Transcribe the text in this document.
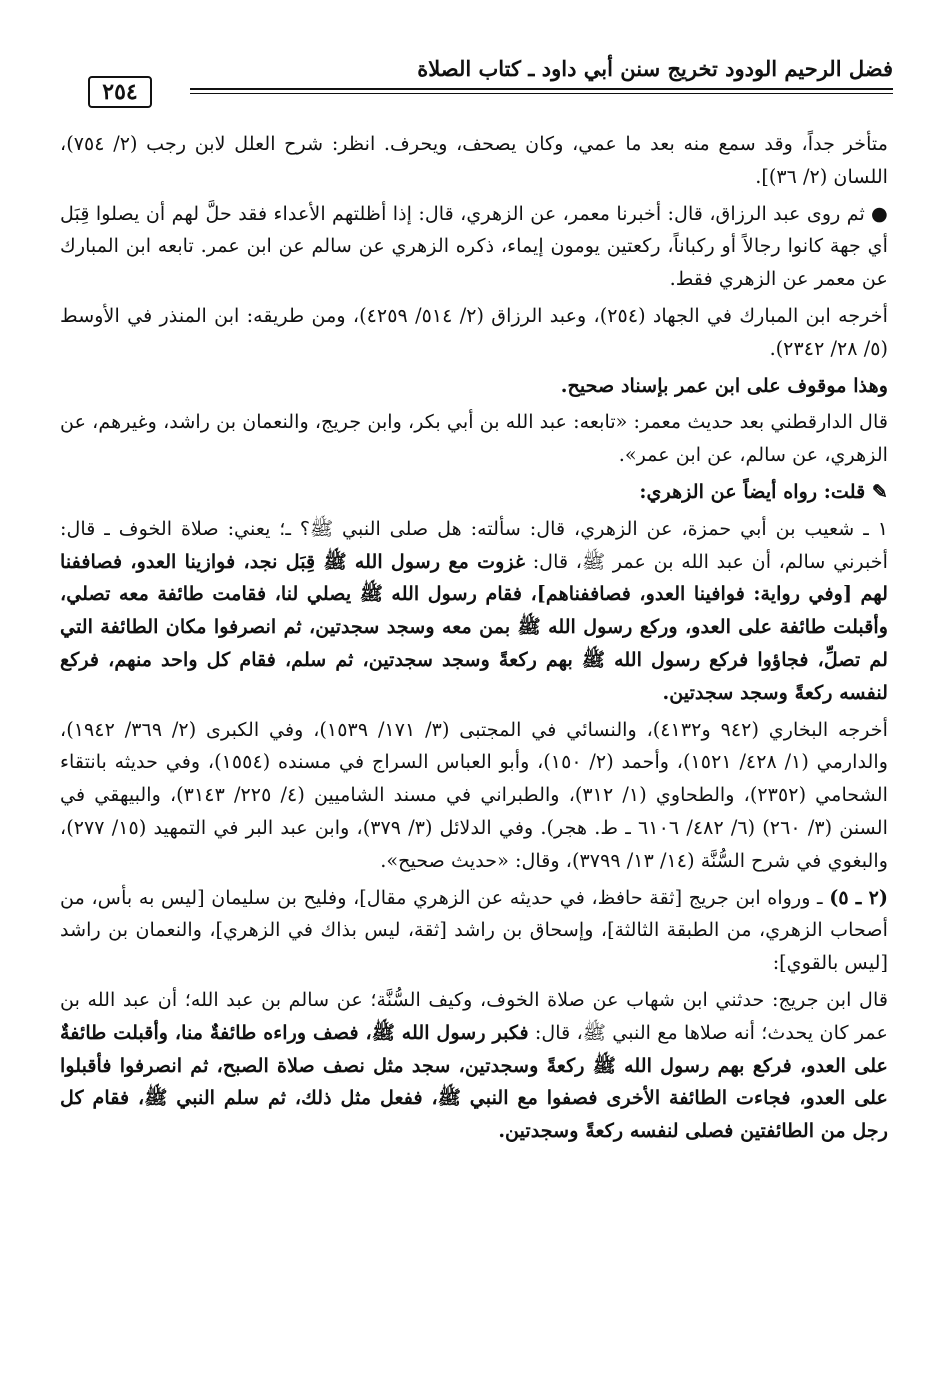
فضل الرحيم الودود تخريج سنن أبي داود ـ كتاب الصلاة
٢٥٤

متأخر جداً، وقد سمع منه بعد ما عمي، وكان يصحف، ويحرف. انظر: شرح العلل لابن رجب (٢/ ٧٥٤)، اللسان (٢/ ٣٦)].

● ثم روى عبد الرزاق، قال: أخبرنا معمر، عن الزهري، قال: إذا أظلتهم الأعداء فقد حلَّ لهم أن يصلوا قِبَل أي جهة كانوا رجالاً أو ركباناً، ركعتين يومون إيماء، ذكره الزهري عن سالم عن ابن عمر. تابعه ابن المبارك عن معمر عن الزهري فقط.

أخرجه ابن المبارك في الجهاد (٢٥٤)، وعبد الرزاق (٢/ ٥١٤/ ٤٢٥٩)، ومن طريقه: ابن المنذر في الأوسط (٥/ ٢٨/ ٢٣٤٢).

وهذا موقوف على ابن عمر بإسناد صحيح.

قال الدارقطني بعد حديث معمر: «تابعه: عبد الله بن أبي بكر، وابن جريج، والنعمان بن راشد، وغيرهم، عن الزهري، عن سالم، عن ابن عمر».

✎ قلت: رواه أيضاً عن الزهري:

١ ـ شعيب بن أبي حمزة، عن الزهري، قال: سألته: هل صلى النبي ﷺ؟ ـ؛ يعني: صلاة الخوف ـ قال: أخبرني سالم، أن عبد الله بن عمر ﷺ، قال: غزوت مع رسول الله ﷺ قِبَل نجد، فوازينا العدو، فصاففنا لهم [وفي رواية: فوافينا العدو، فصاففناهم]، فقام رسول الله ﷺ يصلي لنا، فقامت طائفة معه تصلي، وأقبلت طائفة على العدو، وركع رسول الله ﷺ بمن معه وسجد سجدتين، ثم انصرفوا مكان الطائفة التي لم تصلِّ، فجاؤوا فركع رسول الله ﷺ بهم ركعةً وسجد سجدتين، ثم سلم، فقام كل واحد منهم، فركع لنفسه ركعةً وسجد سجدتين.

أخرجه البخاري (٩٤٢ و٤١٣٢)، والنسائي في المجتبى (٣/ ١٧١/ ١٥٣٩)، وفي الكبرى (٢/ ٣٦٩/ ١٩٤٢)، والدارمي (١/ ٤٢٨/ ١٥٢١)، وأحمد (٢/ ١٥٠)، وأبو العباس السراج في مسنده (١٥٥٤)، وفي حديثه بانتقاء الشحامي (٢٣٥٢)، والطحاوي (١/ ٣١٢)، والطبراني في مسند الشاميين (٤/ ٢٢٥/ ٣١٤٣)، والبيهقي في السنن (٣/ ٢٦٠) (٦/ ٤٨٢/ ٦١٠٦ ـ ط. هجر). وفي الدلائل (٣/ ٣٧٩)، وابن عبد البر في التمهيد (١٥/ ٢٧٧)، والبغوي في شرح السُّنَّة (١٤/ ١٣/ ٣٧٩٩)، وقال: «حديث صحيح».

(٢ ـ ٥) ـ ورواه ابن جريج [ثقة حافظ، في حديثه عن الزهري مقال]، وفليح بن سليمان [ليس به بأس، من أصحاب الزهري، من الطبقة الثالثة]، وإسحاق بن راشد [ثقة، ليس بذاك في الزهري]، والنعمان بن راشد [ليس بالقوي]:

قال ابن جريج: حدثني ابن شهاب عن صلاة الخوف، وكيف السُّنَّة؛ عن سالم بن عبد الله؛ أن عبد الله بن عمر كان يحدث؛ أنه صلاها مع النبي ﷺ، قال: فكبر رسول الله ﷺ، فصف وراءه طائفةٌ منا، وأقبلت طائفةٌ على العدو، فركع بهم رسول الله ﷺ ركعةً وسجدتين، سجد مثل نصف صلاة الصبح، ثم انصرفوا فأقبلوا على العدو، فجاءت الطائفة الأخرى فصفوا مع النبي ﷺ، ففعل مثل ذلك، ثم سلم النبي ﷺ، فقام كل رجل من الطائفتين فصلى لنفسه ركعةً وسجدتين.
